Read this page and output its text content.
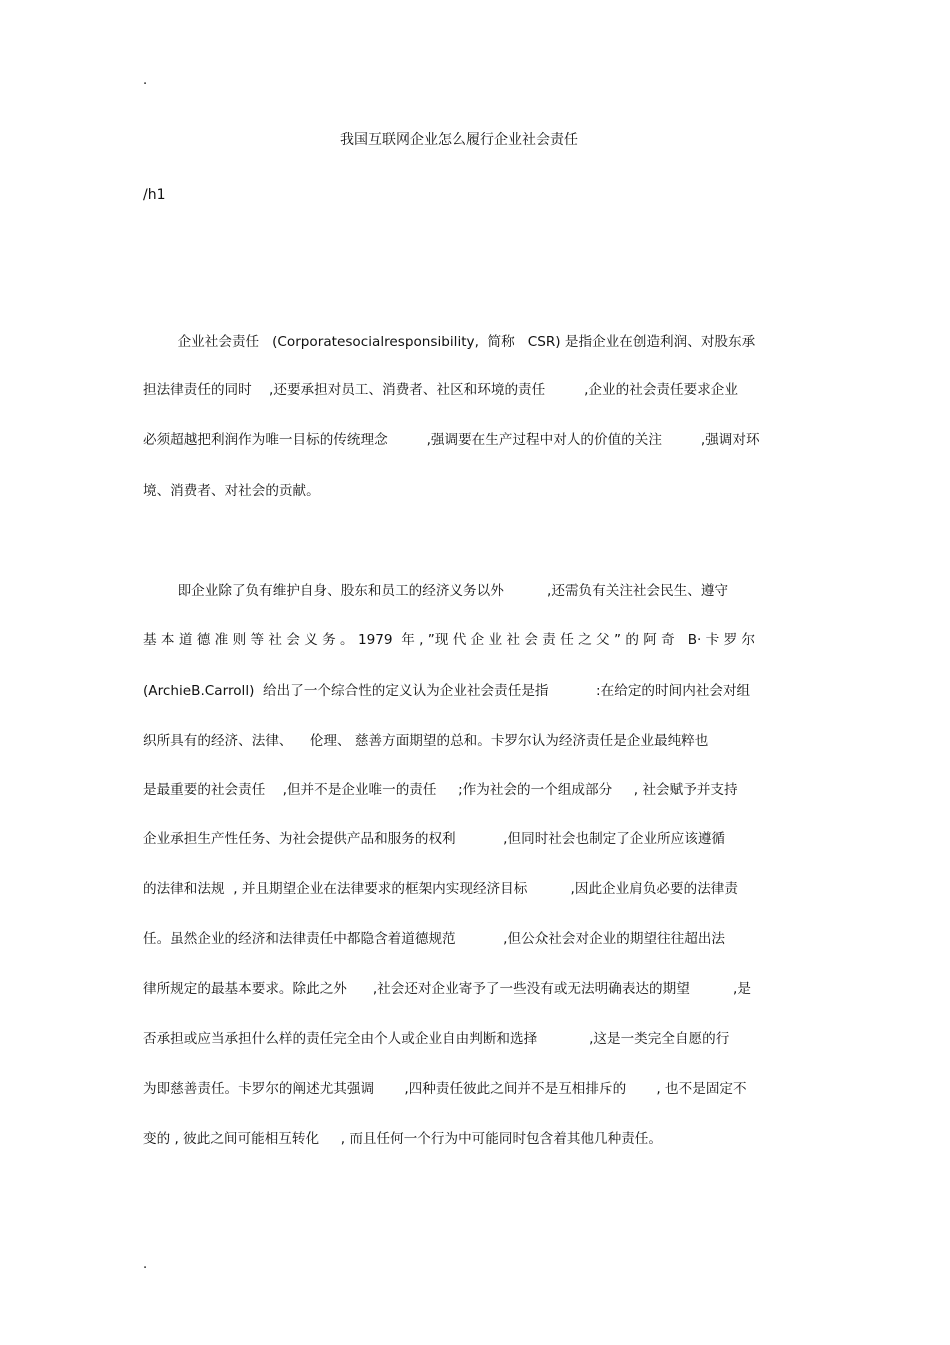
.
我国互联网企业怎么履行企业社会责任
/h1
企业社会责任   (Corporatesocialresponsibility,  简称   CSR) 是指企业在创造利润、对股东承
担法律责任的同时    ,还要承担对员工、消费者、社区和环境的责任         ,企业的社会责任要求企业
必须超越把利润作为唯一目标的传统理念         ,强调要在生产过程中对人的价值的关注         ,强调对环
境、消费者、对社会的贡献。
即企业除了负有维护自身、股东和员工的经济义务以外          ,还需负有关注社会民生、遵守
基 本 道 德 准 则 等 社 会 义 务 。 1979  年 , ”现 代 企 业 社 会 责 任 之 父 ” 的 阿 奇   B· 卡 罗 尔
(ArchieB.Carroll)  给出了一个综合性的定义认为企业社会责任是指           :在给定的时间内社会对组
织所具有的经济、法律、    伦理、 慈善方面期望的总和。卡罗尔认为经济责任是企业最纯粹也
是最重要的社会责任    ,但并不是企业唯一的责任     ;作为社会的一个组成部分     , 社会赋予并支持
企业承担生产性任务、为社会提供产品和服务的权利           ,但同时社会也制定了企业所应该遵循
的法律和法规  , 并且期望企业在法律要求的框架内实现经济目标          ,因此企业肩负必要的法律责
任。虽然企业的经济和法律责任中都隐含着道德规范           ,但公众社会对企业的期望往往超出法
律所规定的最基本要求。除此之外      ,社会还对企业寄予了一些没有或无法明确表达的期望          ,是
否承担或应当承担什么样的责任完全由个人或企业自由判断和选择            ,这是一类完全自愿的行
为即慈善责任。卡罗尔的阐述尤其强调       ,四种责任彼此之间并不是互相排斥的       , 也不是固定不
变的 , 彼此之间可能相互转化     , 而且任何一个行为中可能同时包含着其他几种责任。
.
